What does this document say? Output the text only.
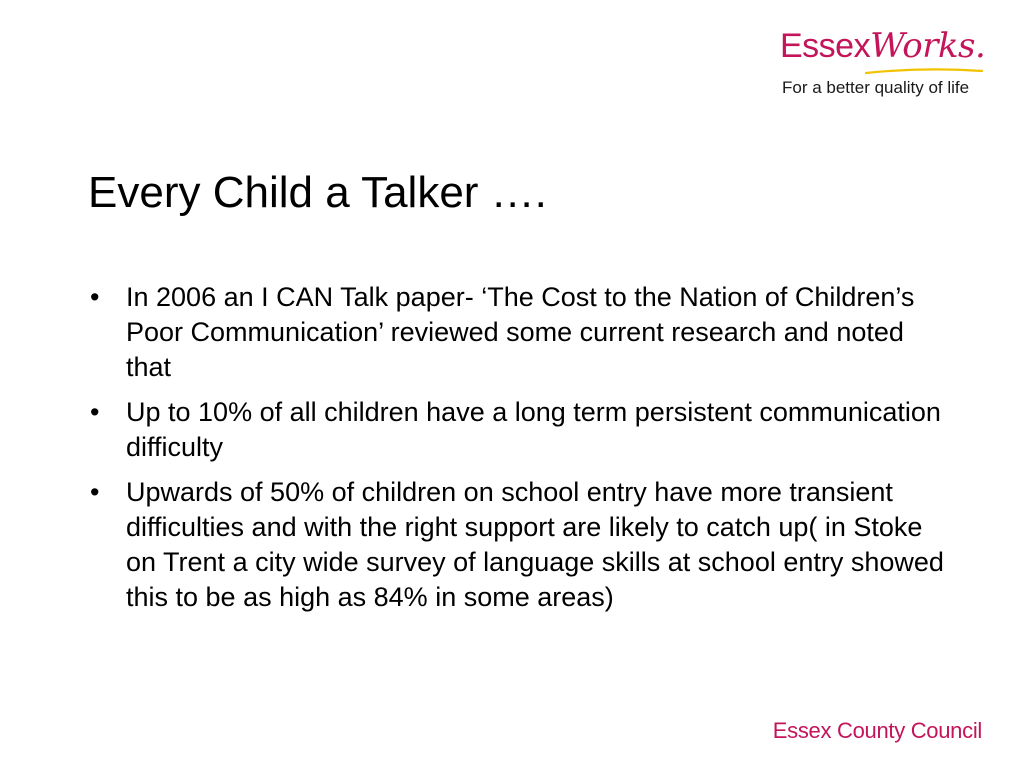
EssexWorks.
For a better quality of life
Every Child a Talker ….
• In 2006 an I CAN Talk paper- ‘The Cost to the Nation of Children’s Poor Communication’ reviewed some current research and noted that
• Up to 10% of all children have a long term persistent communication difficulty
• Upwards of 50% of children on school entry have more transient difficulties and with the right support are likely to catch up( in Stoke on Trent a city wide survey of language skills at school entry showed this to be as high as 84% in some areas)
Essex County Council
